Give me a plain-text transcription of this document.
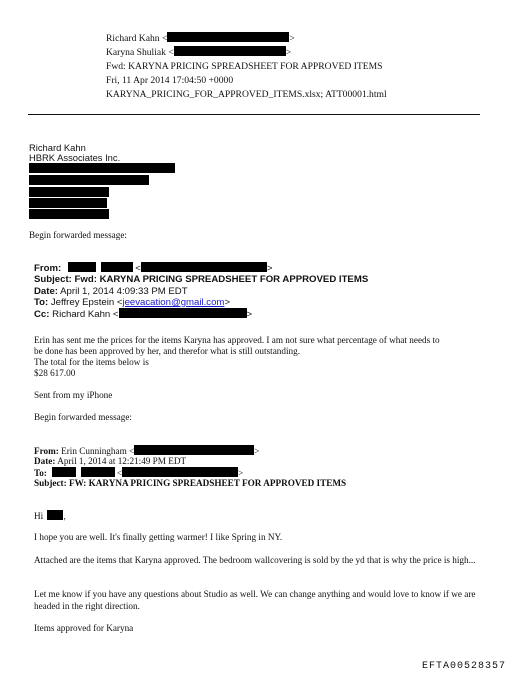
Richard Kahn <	>
Karyna Shuliak <	>
Fwd: KARYNA PRICING SPREADSHEET FOR APPROVED ITEMS
Fri, 11 Apr 2014 17:04:50 +0000
KARYNA_PRICING_FOR_APPROVED_ITEMS.xlsx; ATT00001.html
Richard Kahn
HBRK Associates Inc.
Begin forwarded message:
From:	<	>
Subject: Fwd: KARYNA PRICING SPREADSHEET FOR APPROVED ITEMS
Date: April 1, 2014 4:09:33 PM EDT
To: Jeffrey Epstein <jeevacation@gmail.com>
Cc: Richard Kahn <	>
Erin has sent me the prices for the items Karyna has approved. I am not sure what percentage of what needs to
be done has been approved by her, and therefor what is still outstanding.
The total for the items below is
$28 617.00
Sent from my iPhone
Begin forwarded message:
From: Erin Cunningham <	>
Date: April 1, 2014 at 12:21:49 PM EDT
To:	<	>
Subject: FW: KARYNA PRICING SPREADSHEET FOR APPROVED ITEMS
Hi ,
I hope you are well. It's finally getting warmer! I like Spring in NY.
Attached are the items that Karyna approved. The bedroom wallcovering is sold by the yd that is why the price is high...
Let me know if you have any questions about Studio as well. We can change anything and would love to know if we are headed in the right direction.
Items approved for Karyna
EFTA00528357
